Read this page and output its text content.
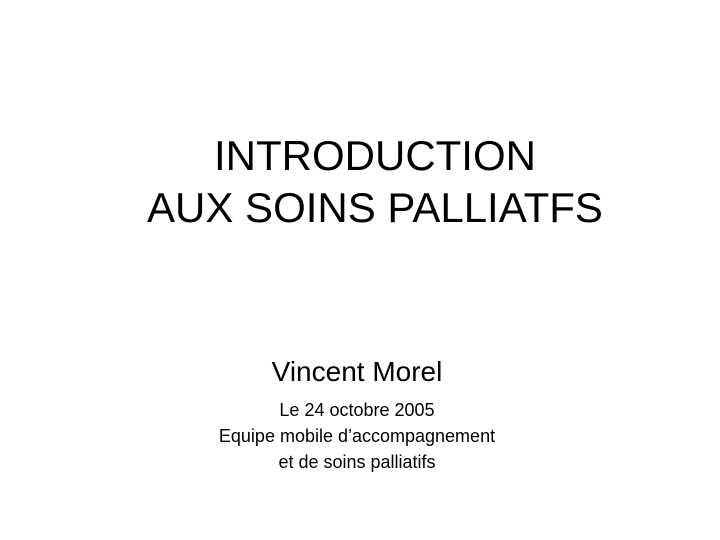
INTRODUCTION
AUX SOINS PALLIATFS

Vincent Morel

Le 24 octobre 2005
Equipe mobile d’accompagnement
et de soins palliatifs
